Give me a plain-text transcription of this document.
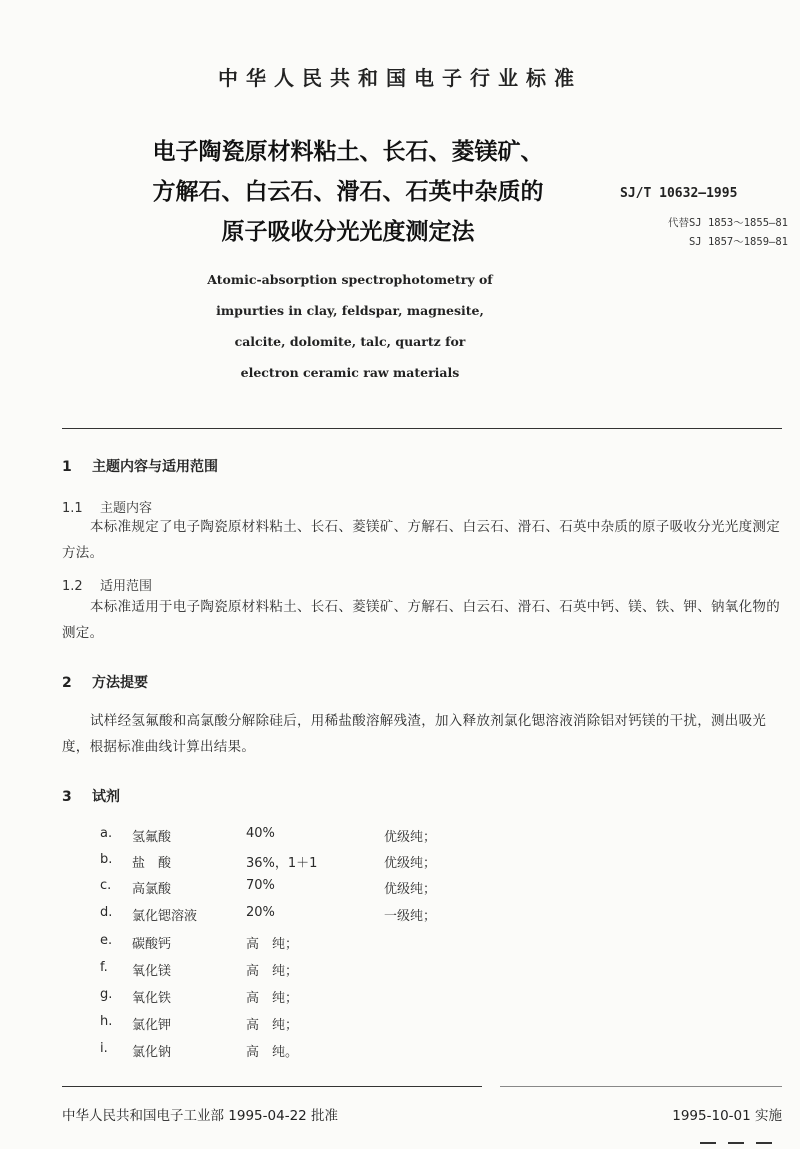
中华人民共和国电子行业标准
电子陶瓷原材料粘土、长石、菱镁矿、
方解石、白云石、滑石、石英中杂质的
原子吸收分光光度测定法
SJ/T 10632—1995
代替SJ 1853～1855—81
SJ 1857～1859—81
Atomic-absorption spectrophotometry of
impurties in clay, feldspar, magnesite,
calcite, dolomite, talc, quartz for
electron ceramic raw materials
1 主题内容与适用范围
1.1 主题内容
本标准规定了电子陶瓷原材料粘土、长石、菱镁矿、方解石、白云石、滑石、石英中杂质的原子吸收分光光度测定方法。
1.2 适用范围
本标准适用于电子陶瓷原材料粘土、长石、菱镁矿、方解石、白云石、滑石、石英中钙、镁、铁、钾、钠氧化物的测定。
2 方法提要
试样经氢氟酸和高氯酸分解除硅后，用稀盐酸溶解残渣，加入释放剂氯化锶溶液消除铝对钙镁的干扰，测出吸光度，根据标准曲线计算出结果。
3 试剂
a.	氢氟酸	40%	优级纯；
b.	盐　酸	36%，1＋1	优级纯；
c.	高氯酸	70%	优级纯；
d.	氯化锶溶液	20%	一级纯；
e.	碳酸钙	高　纯；
f.	氧化镁	高　纯；
g.	氧化铁	高　纯；
h.	氯化钾	高　纯；
i.	氯化钠	高　纯。
中华人民共和国电子工业部 1995-04-22 批准	1995-10-01 实施
